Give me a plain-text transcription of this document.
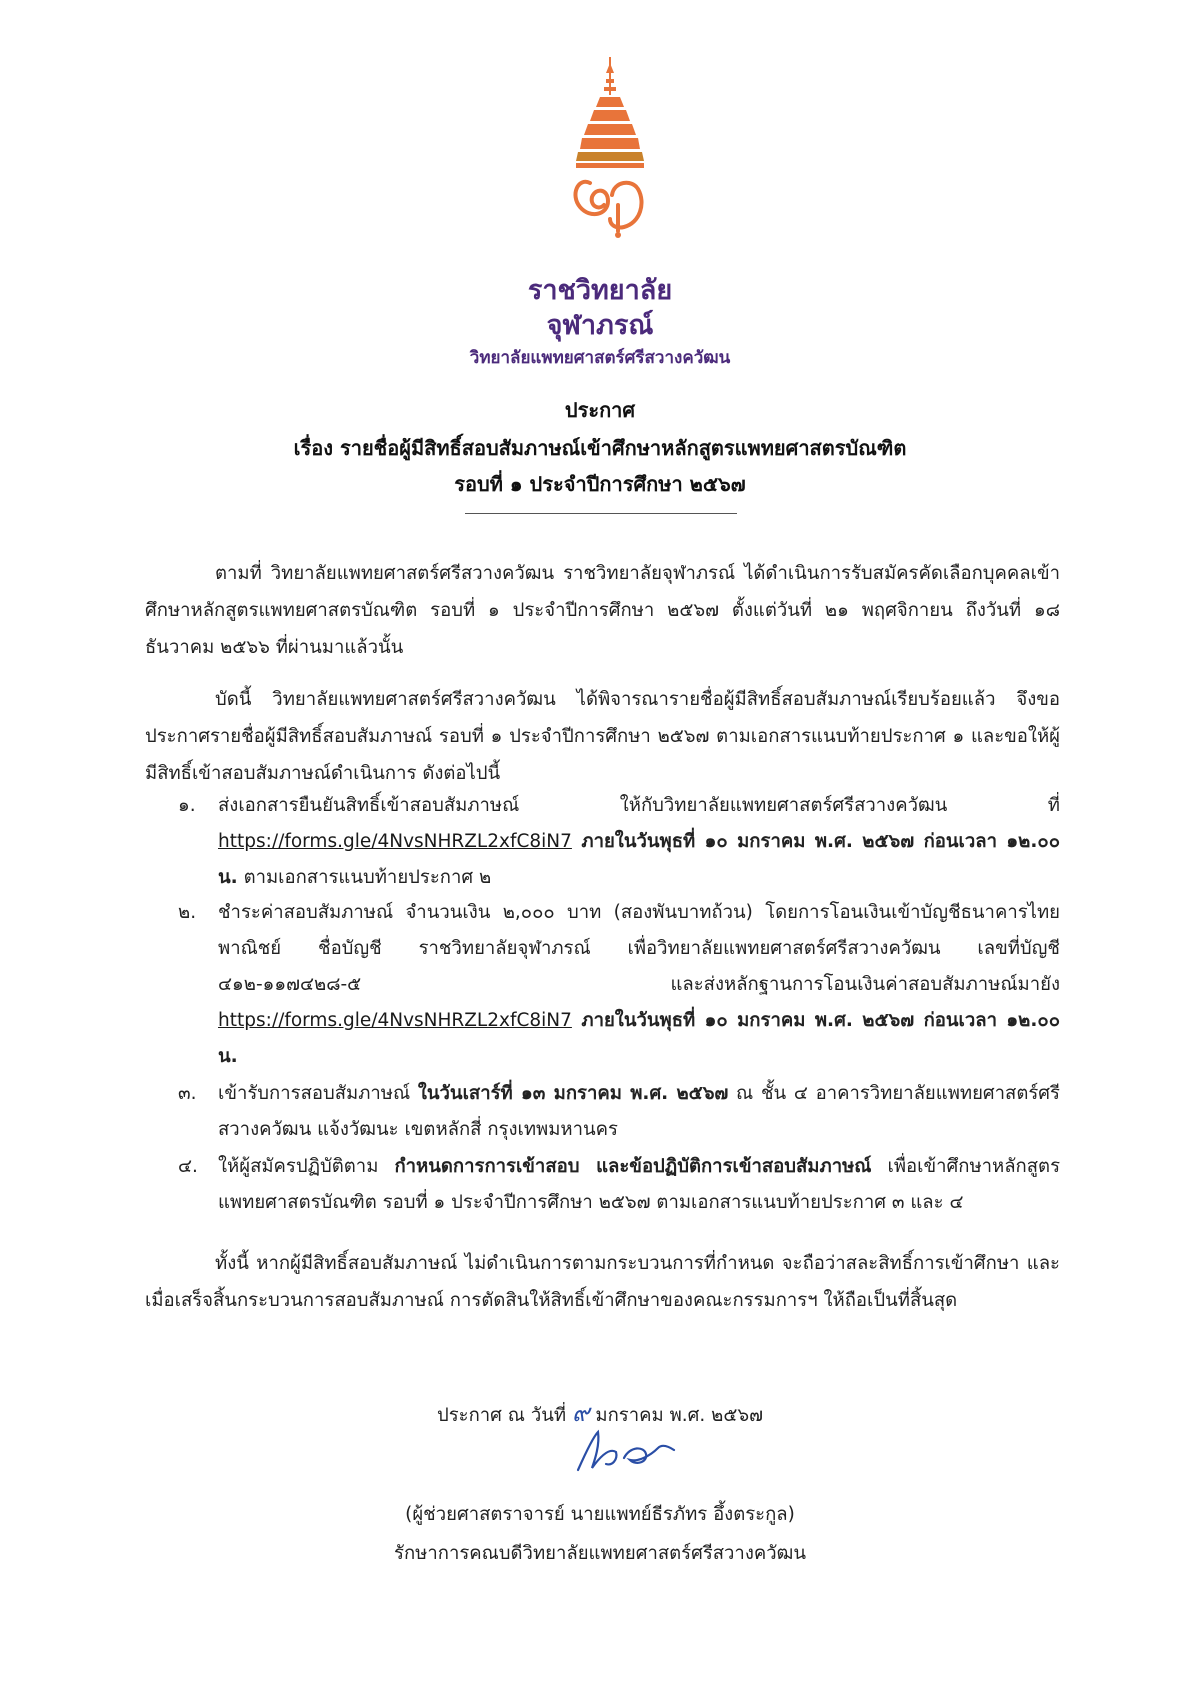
ราชวิทยาลัย
จุฬาภรณ์
วิทยาลัยแพทยศาสตร์ศรีสวางควัฒน
ประกาศ
เรื่อง รายชื่อผู้มีสิทธิ์สอบสัมภาษณ์เข้าศึกษาหลักสูตรแพทยศาสตรบัณฑิต
รอบที่ ๑ ประจำปีการศึกษา ๒๕๖๗
ตามที่ วิทยาลัยแพทยศาสตร์ศรีสวางควัฒน ราชวิทยาลัยจุฬาภรณ์ ได้ดำเนินการรับสมัครคัดเลือกบุคคลเข้าศึกษาหลักสูตรแพทยศาสตรบัณฑิต รอบที่ ๑ ประจำปีการศึกษา ๒๕๖๗ ตั้งแต่วันที่ ๒๑ พฤศจิกายน ถึงวันที่ ๑๘ ธันวาคม ๒๕๖๖ ที่ผ่านมาแล้วนั้น
บัดนี้ วิทยาลัยแพทยศาสตร์ศรีสวางควัฒน ได้พิจารณารายชื่อผู้มีสิทธิ์สอบสัมภาษณ์เรียบร้อยแล้ว จึงขอประกาศรายชื่อผู้มีสิทธิ์สอบสัมภาษณ์ รอบที่ ๑ ประจำปีการศึกษา ๒๕๖๗ ตามเอกสารแนบท้ายประกาศ ๑ และขอให้ผู้มีสิทธิ์เข้าสอบสัมภาษณ์ดำเนินการ ดังต่อไปนี้
๑.	ส่งเอกสารยืนยันสิทธิ์เข้าสอบสัมภาษณ์ ให้กับวิทยาลัยแพทยศาสตร์ศรีสวางควัฒน ที่ https://forms.gle/4NvsNHRZL2xfC8iN7 ภายในวันพุธที่ ๑๐ มกราคม พ.ศ. ๒๕๖๗ ก่อนเวลา ๑๒.๐๐ น. ตามเอกสารแนบท้ายประกาศ ๒
๒.	ชำระค่าสอบสัมภาษณ์ จำนวนเงิน ๒,๐๐๐ บาท (สองพันบาทถ้วน) โดยการโอนเงินเข้าบัญชีธนาคารไทยพาณิชย์ ชื่อบัญชี ราชวิทยาลัยจุฬาภรณ์ เพื่อวิทยาลัยแพทยศาสตร์ศรีสวางควัฒน เลขที่บัญชี ๔๑๒-๑๑๗๔๒๘-๕ และส่งหลักฐานการโอนเงินค่าสอบสัมภาษณ์มายัง https://forms.gle/4NvsNHRZL2xfC8iN7 ภายในวันพุธที่ ๑๐ มกราคม พ.ศ. ๒๕๖๗ ก่อนเวลา ๑๒.๐๐ น.
๓.	เข้ารับการสอบสัมภาษณ์ ในวันเสาร์ที่ ๑๓ มกราคม พ.ศ. ๒๕๖๗ ณ ชั้น ๔ อาคารวิทยาลัยแพทยศาสตร์ศรีสวางควัฒน แจ้งวัฒนะ เขตหลักสี่ กรุงเทพมหานคร
๔.	ให้ผู้สมัครปฏิบัติตาม กำหนดการการเข้าสอบ และข้อปฏิบัติการเข้าสอบสัมภาษณ์ เพื่อเข้าศึกษาหลักสูตรแพทยศาสตรบัณฑิต รอบที่ ๑ ประจำปีการศึกษา ๒๕๖๗ ตามเอกสารแนบท้ายประกาศ ๓ และ ๔
ทั้งนี้ หากผู้มีสิทธิ์สอบสัมภาษณ์ ไม่ดำเนินการตามกระบวนการที่กำหนด จะถือว่าสละสิทธิ์การเข้าศึกษา และเมื่อเสร็จสิ้นกระบวนการสอบสัมภาษณ์ การตัดสินให้สิทธิ์เข้าศึกษาของคณะกรรมการฯ ให้ถือเป็นที่สิ้นสุด
ประกาศ ณ วันที่ ๙ มกราคม พ.ศ. ๒๕๖๗
(ผู้ช่วยศาสตราจารย์ นายแพทย์ธีรภัทร อึ้งตระกูล)
รักษาการคณบดีวิทยาลัยแพทยศาสตร์ศรีสวางควัฒน
